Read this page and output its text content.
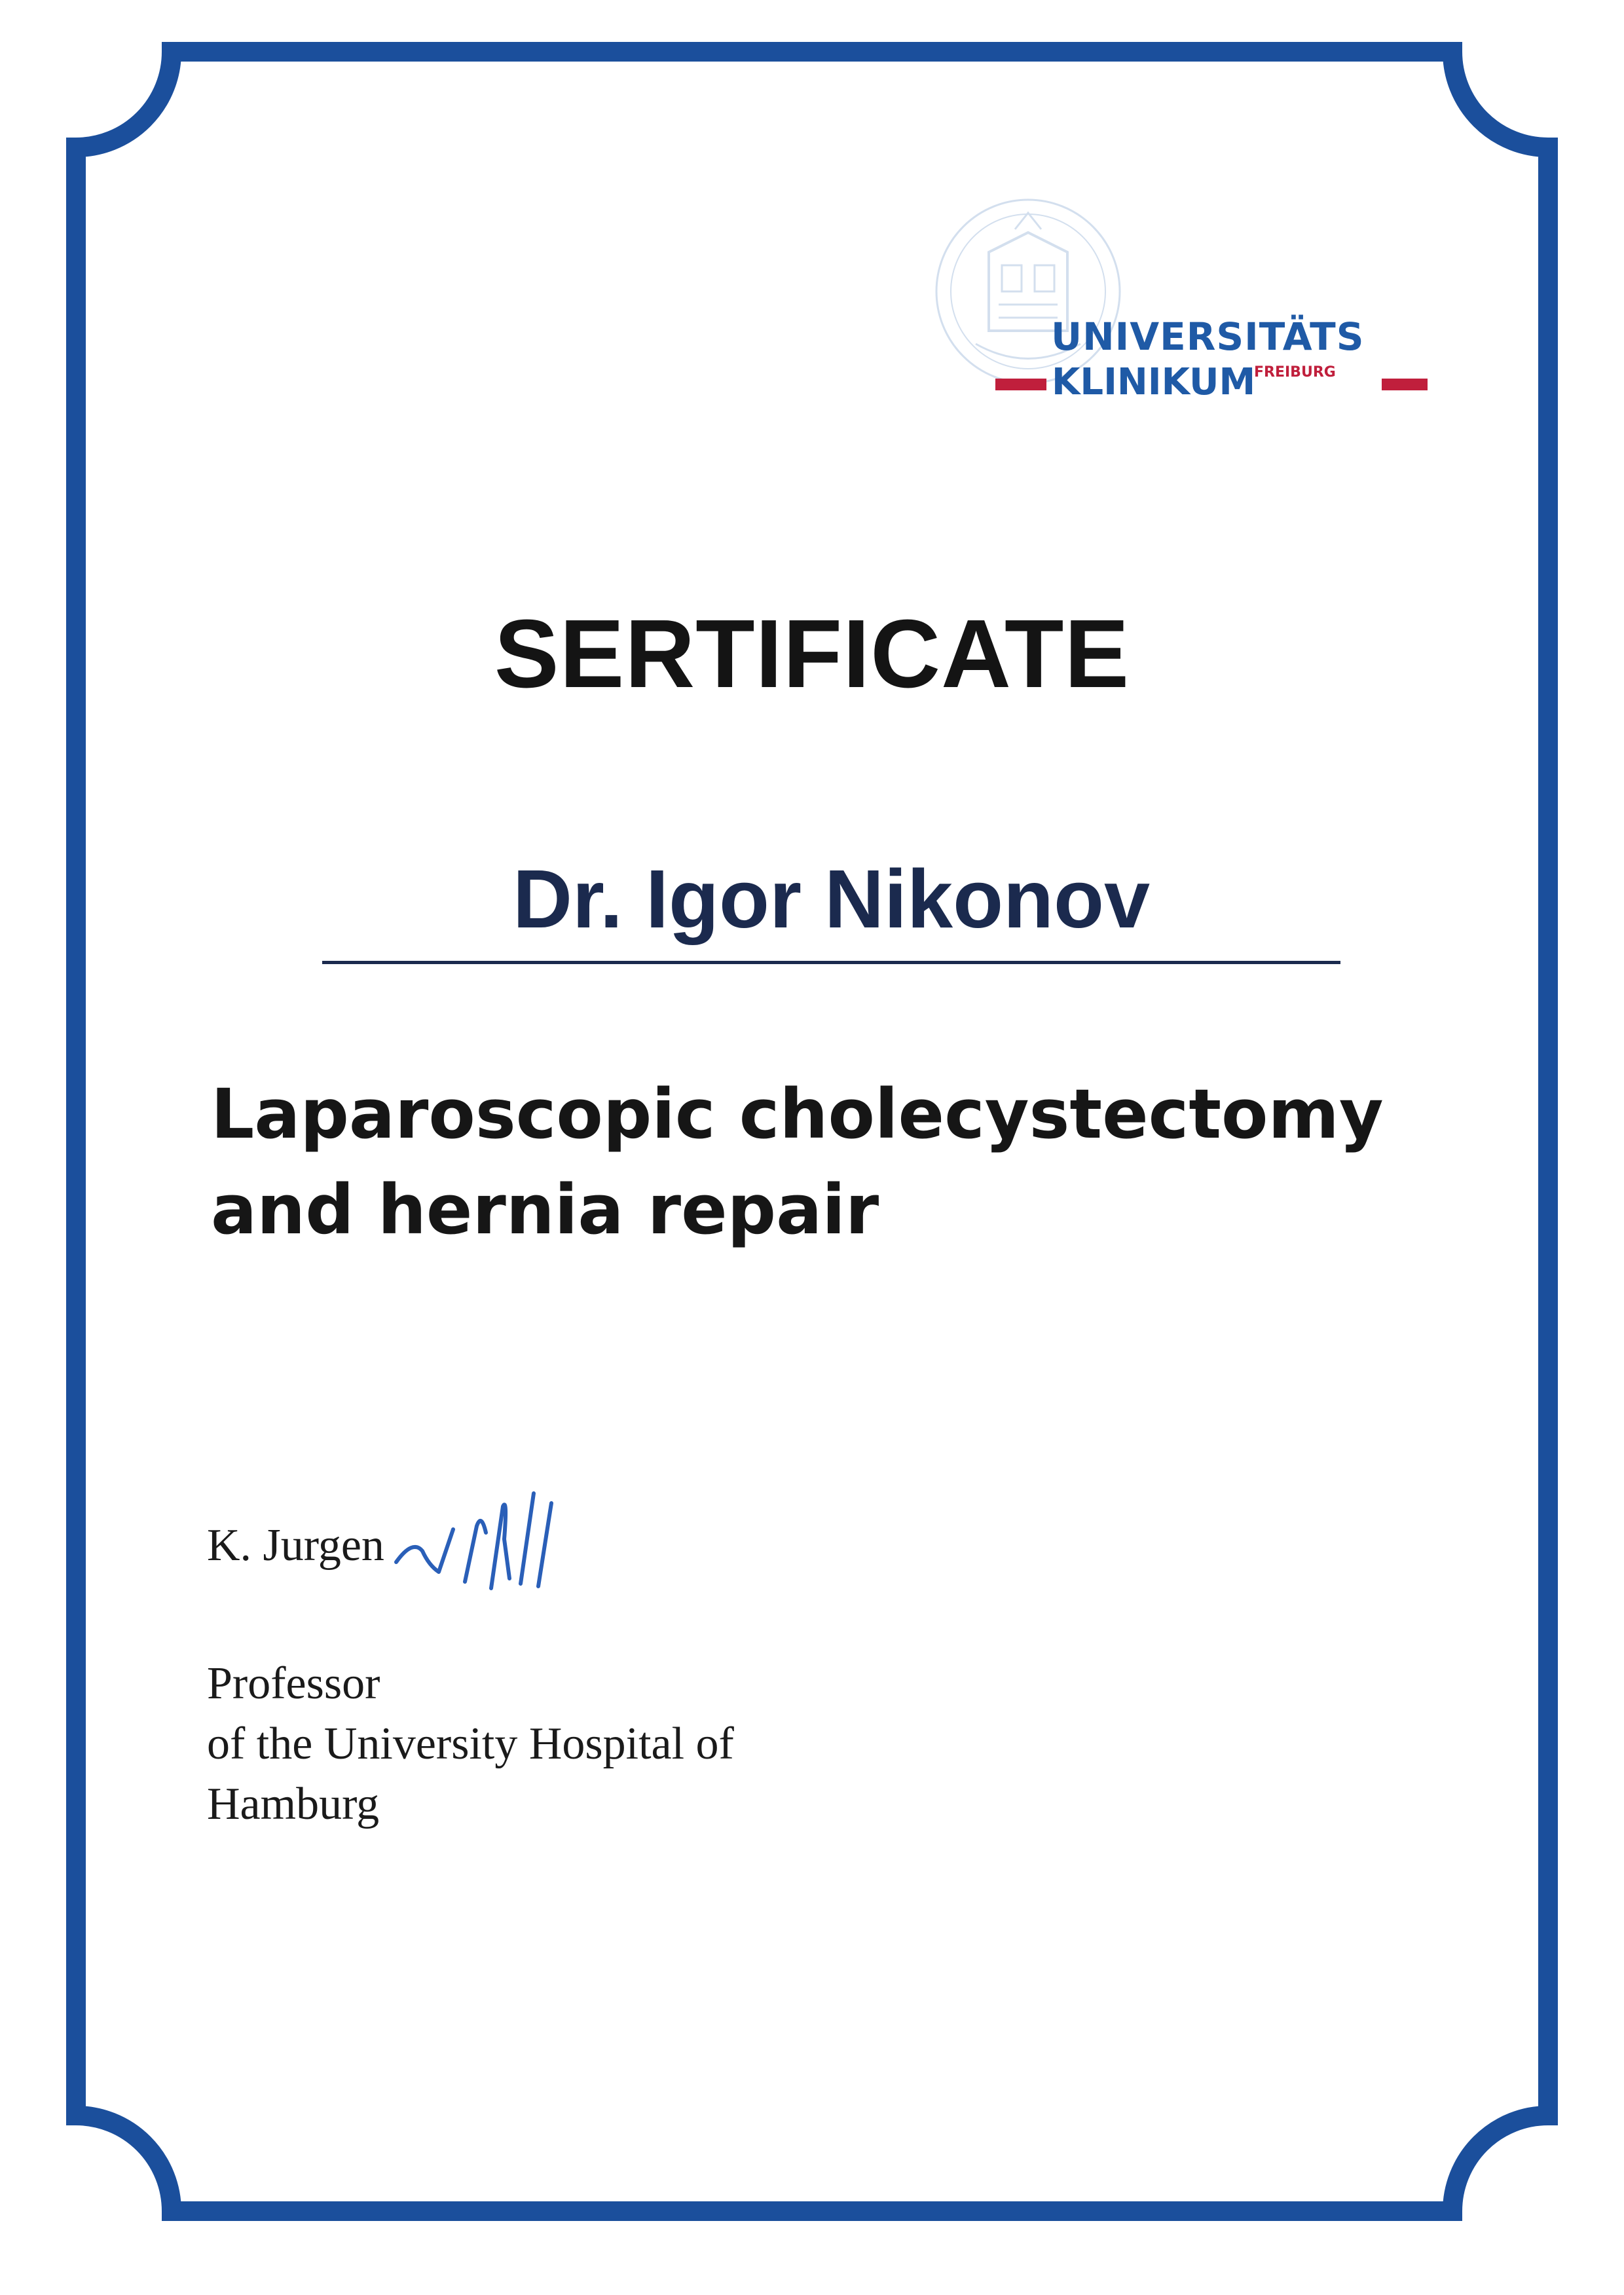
UNIVERSITÄTS
KLINIKUM
FREIBURG
SERTIFICATE
Dr. Igor Nikonov
Laparoscopic cholecystectomy
and hernia repair
K. Jurgen
Professor
of the University Hospital of
Hamburg
